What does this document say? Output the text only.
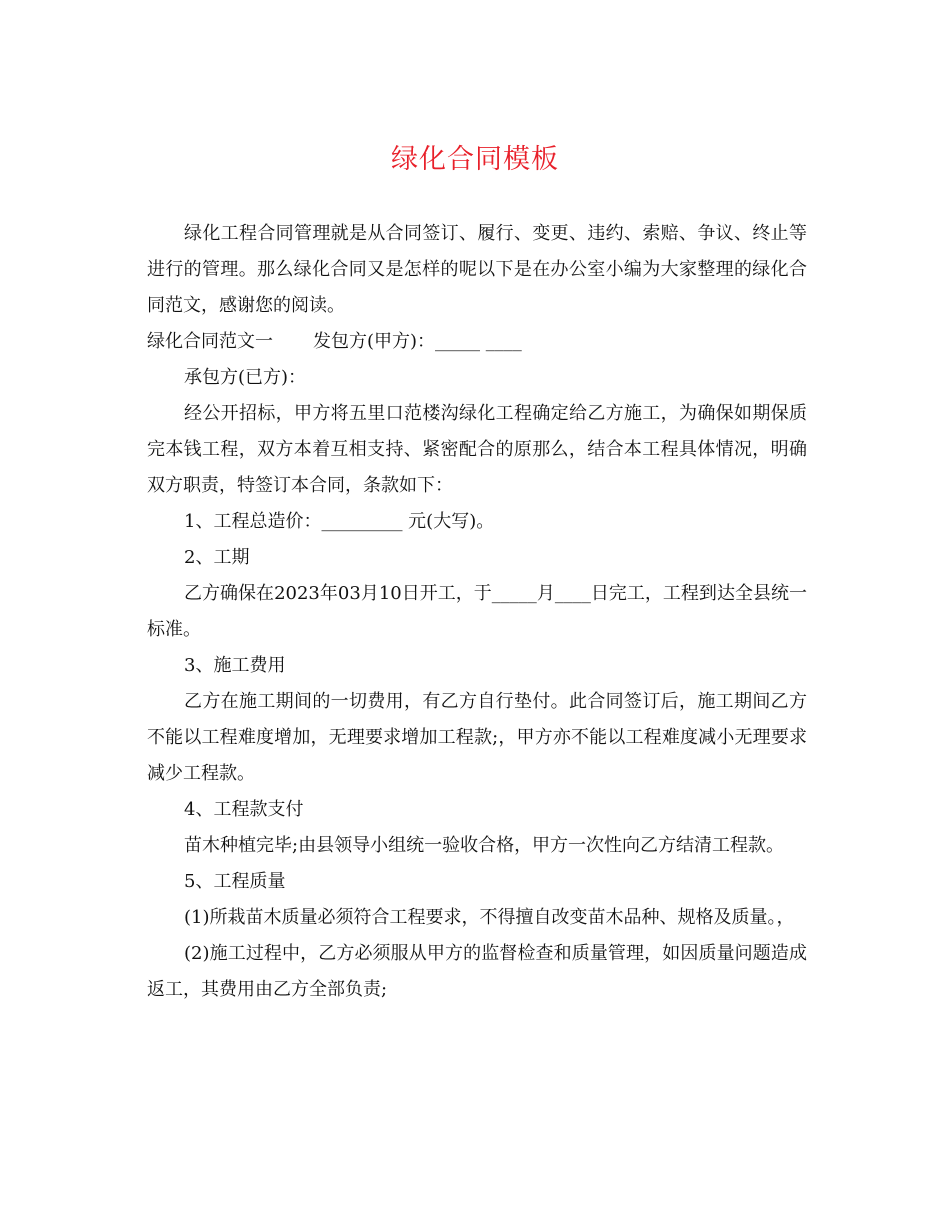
绿化合同模板

绿化工程合同管理就是从合同签订、履行、变更、违约、索赔、争议、终止等进行的管理。那么绿化合同又是怎样的呢以下是在办公室小编为大家整理的绿化合同范文，感谢您的阅读。

绿化合同范文一 发包方(甲方)：_____ ____

承包方(已方)：

经公开招标，甲方将五里口范楼沟绿化工程确定给乙方施工，为确保如期保质完本钱工程，双方本着互相支持、紧密配合的原那么，结合本工程具体情况，明确双方职责，特签订本合同，条款如下：

1、工程总造价：_________ 元(大写)。

2、工期

乙方确保在2023年03月10日开工，于_____月____日完工，工程到达全县统一标准。

3、施工费用

乙方在施工期间的一切费用，有乙方自行垫付。此合同签订后，施工期间乙方不能以工程难度增加，无理要求增加工程款;，甲方亦不能以工程难度减小无理要求减少工程款。

4、工程款支付

苗木种植完毕;由县领导小组统一验收合格，甲方一次性向乙方结清工程款。

5、工程质量

(1)所栽苗木质量必须符合工程要求，不得擅自改变苗木品种、规格及质量。，

(2)施工过程中，乙方必须服从甲方的监督检查和质量管理，如因质量问题造成返工，其费用由乙方全部负责;
